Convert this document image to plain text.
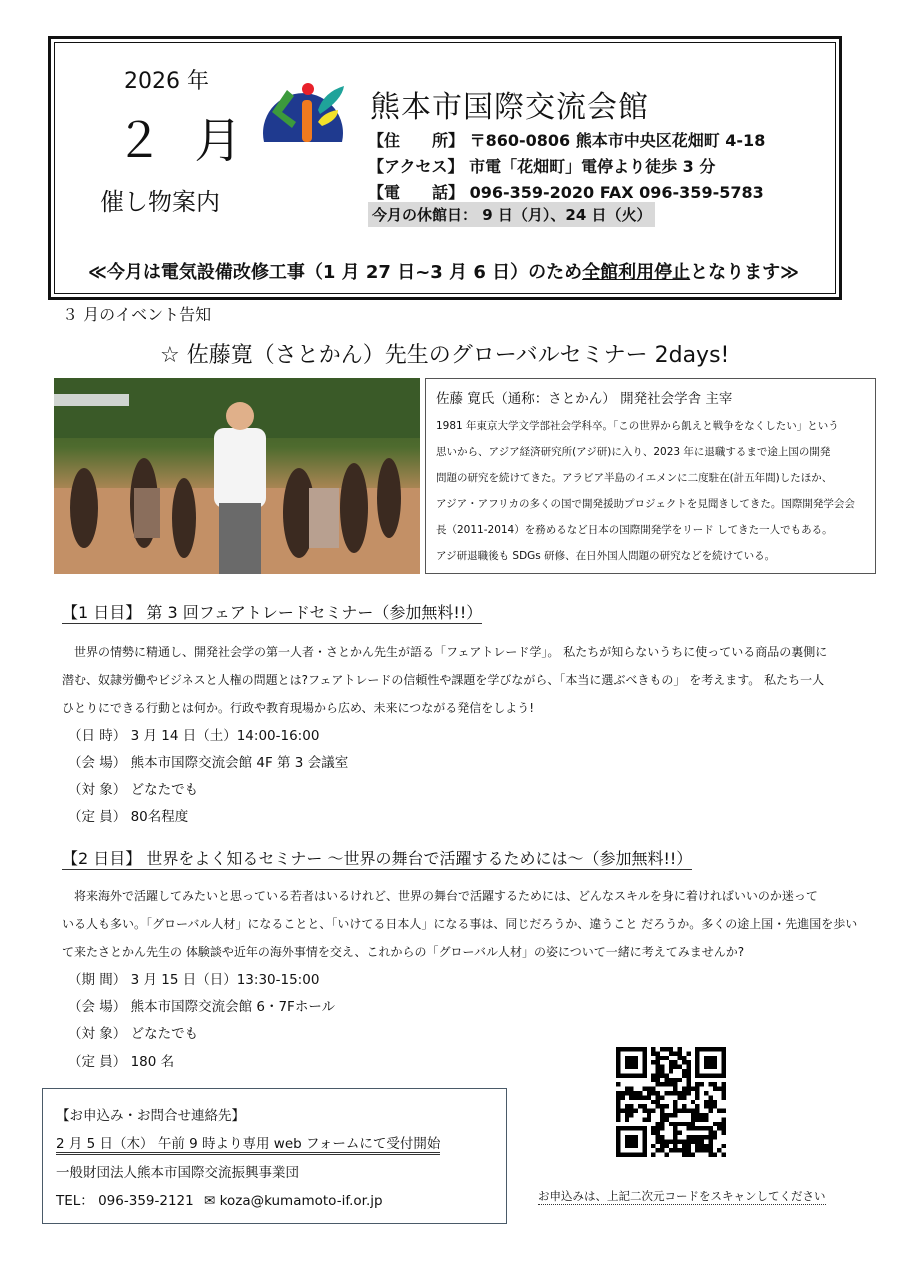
2026 年
２ 月
催し物案内
熊本市国際交流会館
【住　　所】 〒860-0806 熊本市中央区花畑町 4-18
【アクセス】 市電「花畑町」電停より徒歩 3 分
【電　　話】 096-359-2020 FAX 096-359-5783
今月の休館日： 9 日（月）、24 日（火）
≪今月は電気設備改修工事（1 月 27 日~3 月 6 日）のため全館利用停止となります≫
３ 月のイベント告知
☆ 佐藤寛（さとかん）先生のグローバルセミナー 2days!
佐藤 寛氏（通称：さとかん） 開発社会学舎 主宰
1981 年東京大学文学部社会学科卒。「この世界から飢えと戦争をなくしたい」という
思いから、アジア経済研究所(アジ研)に入り、2023 年に退職するまで途上国の開発
問題の研究を続けてきた。アラビア半島のイエメンに二度駐在(計五年間)したほか、
アジア・アフリカの多くの国で開発援助プロジェクトを見聞きしてきた。国際開発学会会
長（2011-2014）を務めるなど日本の国際開発学をリード してきた一人でもある。
アジ研退職後も SDGs 研修、在日外国人問題の研究などを続けている。
【1 日目】 第 3 回フェアトレードセミナー（参加無料!!）
　世界の情勢に精通し、開発社会学の第一人者・さとかん先生が語る「フェアトレード学」。 私たちが知らないうちに使っている商品の裏側に
潜む、奴隷労働やビジネスと人権の問題とは?フェアトレードの信頼性や課題を学びながら、「本当に選ぶべきもの」 を考えます。 私たち一人
ひとりにできる行動とは何か。行政や教育現場から広め、未来につながる発信をしよう!
（日 時） 3 月 14 日（土）14:00-16:00
（会 場） 熊本市国際交流会館 4F 第 3 会議室
（対 象） どなたでも
（定 員） 80名程度
【2 日目】 世界をよく知るセミナー ～世界の舞台で活躍するためには～（参加無料!!）
　将来海外で活躍してみたいと思っている若者はいるけれど、世界の舞台で活躍するためには、どんなスキルを身に着ければいいのか迷って
いる人も多い。「グローバル人材」になることと、「いけてる日本人」になる事は、同じだろうか、違うこと だろうか。多くの途上国・先進国を歩い
て来たさとかん先生の 体験談や近年の海外事情を交え、これからの「グローバル人材」の姿について一緒に考えてみませんか?
（期 間） 3 月 15 日（日）13:30-15:00
（会 場） 熊本市国際交流会館 6・7Fホール
（対 象） どなたでも
（定 員） 180 名
【お申込み・お問合せ連絡先】
2 月 5 日（木） 午前 9 時より専用 web フォームにて受付開始
一般財団法人熊本市国際交流振興事業団
TEL： 096-359-2121 ✉ koza@kumamoto-if.or.jp	お申込みは、上記二次元コードをスキャンしてください
